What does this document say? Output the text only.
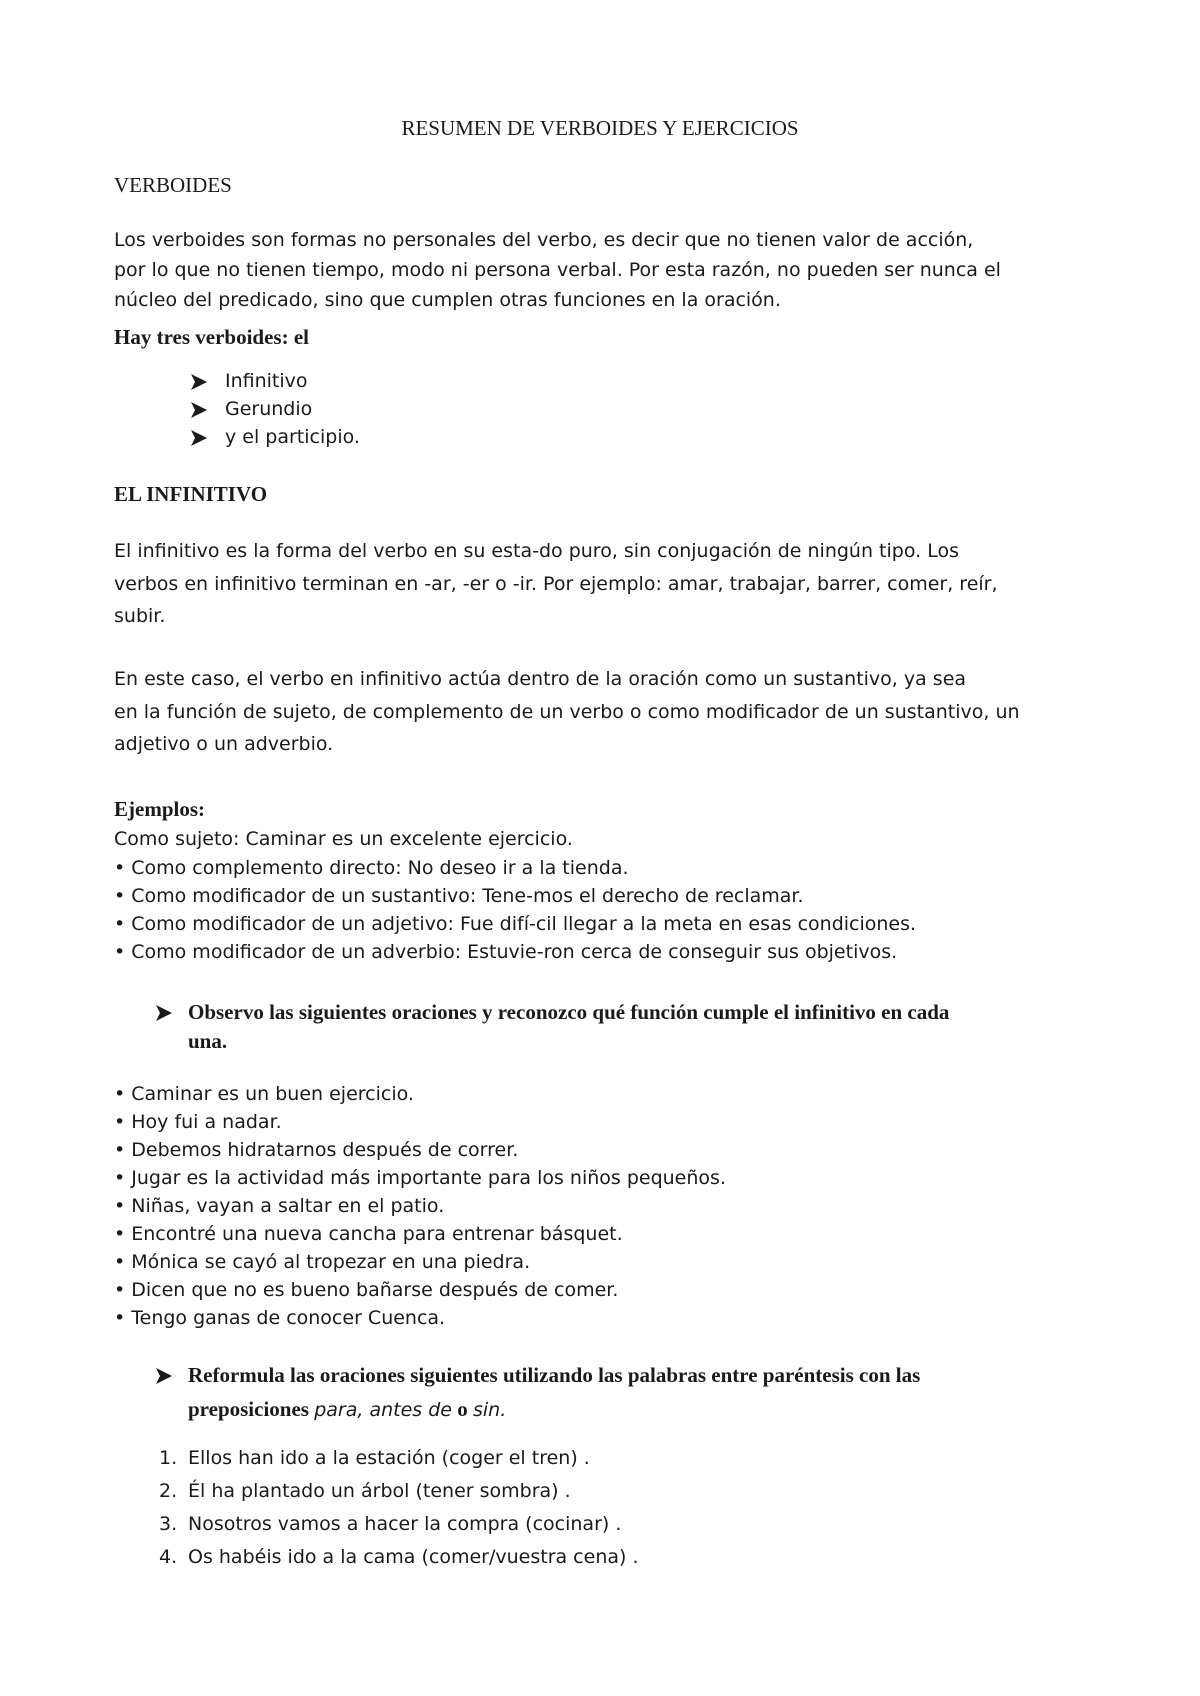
RESUMEN DE VERBOIDES Y EJERCICIOS
VERBOIDES
Los verboides son formas no personales del verbo, es decir que no tienen valor de acción,
por lo que no tienen tiempo, modo ni persona verbal. Por esta razón, no pueden ser nunca el
núcleo del predicado, sino que cumplen otras funciones en la oración.
Hay tres verboides: el
Infinitivo
Gerundio
y el participio.
EL INFINITIVO
El infinitivo es la forma del verbo en su esta-do puro, sin conjugación de ningún tipo. Los
verbos en infinitivo terminan en -ar, -er o -ir. Por ejemplo: amar, trabajar, barrer, comer, reír,
subir.
En este caso, el verbo en infinitivo actúa dentro de la oración como un sustantivo, ya sea
en la función de sujeto, de complemento de un verbo o como modificador de un sustantivo, un
adjetivo o un adverbio.
Ejemplos:
Como sujeto: Caminar es un excelente ejercicio.
• Como complemento directo: No deseo ir a la tienda.
• Como modificador de un sustantivo: Tene-mos el derecho de reclamar.
• Como modificador de un adjetivo: Fue difí-cil llegar a la meta en esas condiciones.
• Como modificador de un adverbio: Estuvie-ron cerca de conseguir sus objetivos.
Observo las siguientes oraciones y reconozco qué función cumple el infinitivo en cada
una.
• Caminar es un buen ejercicio.
• Hoy fui a nadar.
• Debemos hidratarnos después de correr.
• Jugar es la actividad más importante para los niños pequeños.
• Niñas, vayan a saltar en el patio.
• Encontré una nueva cancha para entrenar básquet.
• Mónica se cayó al tropezar en una piedra.
• Dicen que no es bueno bañarse después de comer.
• Tengo ganas de conocer Cuenca.
Reformula las oraciones siguientes utilizando las palabras entre paréntesis con las
preposiciones para, antes de o sin.
1. Ellos han ido a la estación (coger el tren) .
2. Él ha plantado un árbol (tener sombra) .
3. Nosotros vamos a hacer la compra (cocinar) .
4. Os habéis ido a la cama (comer/vuestra cena) .
